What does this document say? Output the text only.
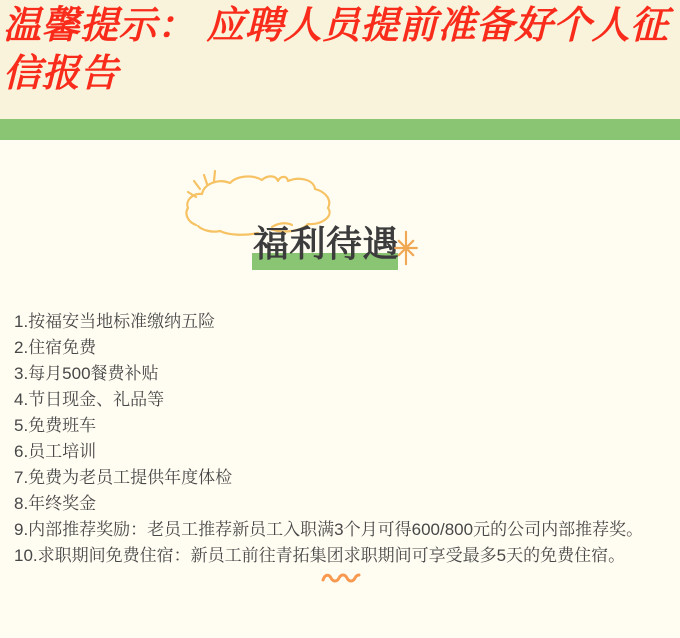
温馨提示： 应聘人员提前准备好个人征信报告
福利待遇
1.按福安当地标准缴纳五险
2.住宿免费
3.每月500餐费补贴
4.节日现金、礼品等
5.免费班车
6.员工培训
7.免费为老员工提供年度体检
8.年终奖金
9.内部推荐奖励：老员工推荐新员工入职满3个月可得600/800元的公司内部推荐奖。
10.求职期间免费住宿：新员工前往青拓集团求职期间可享受最多5天的免费住宿。
